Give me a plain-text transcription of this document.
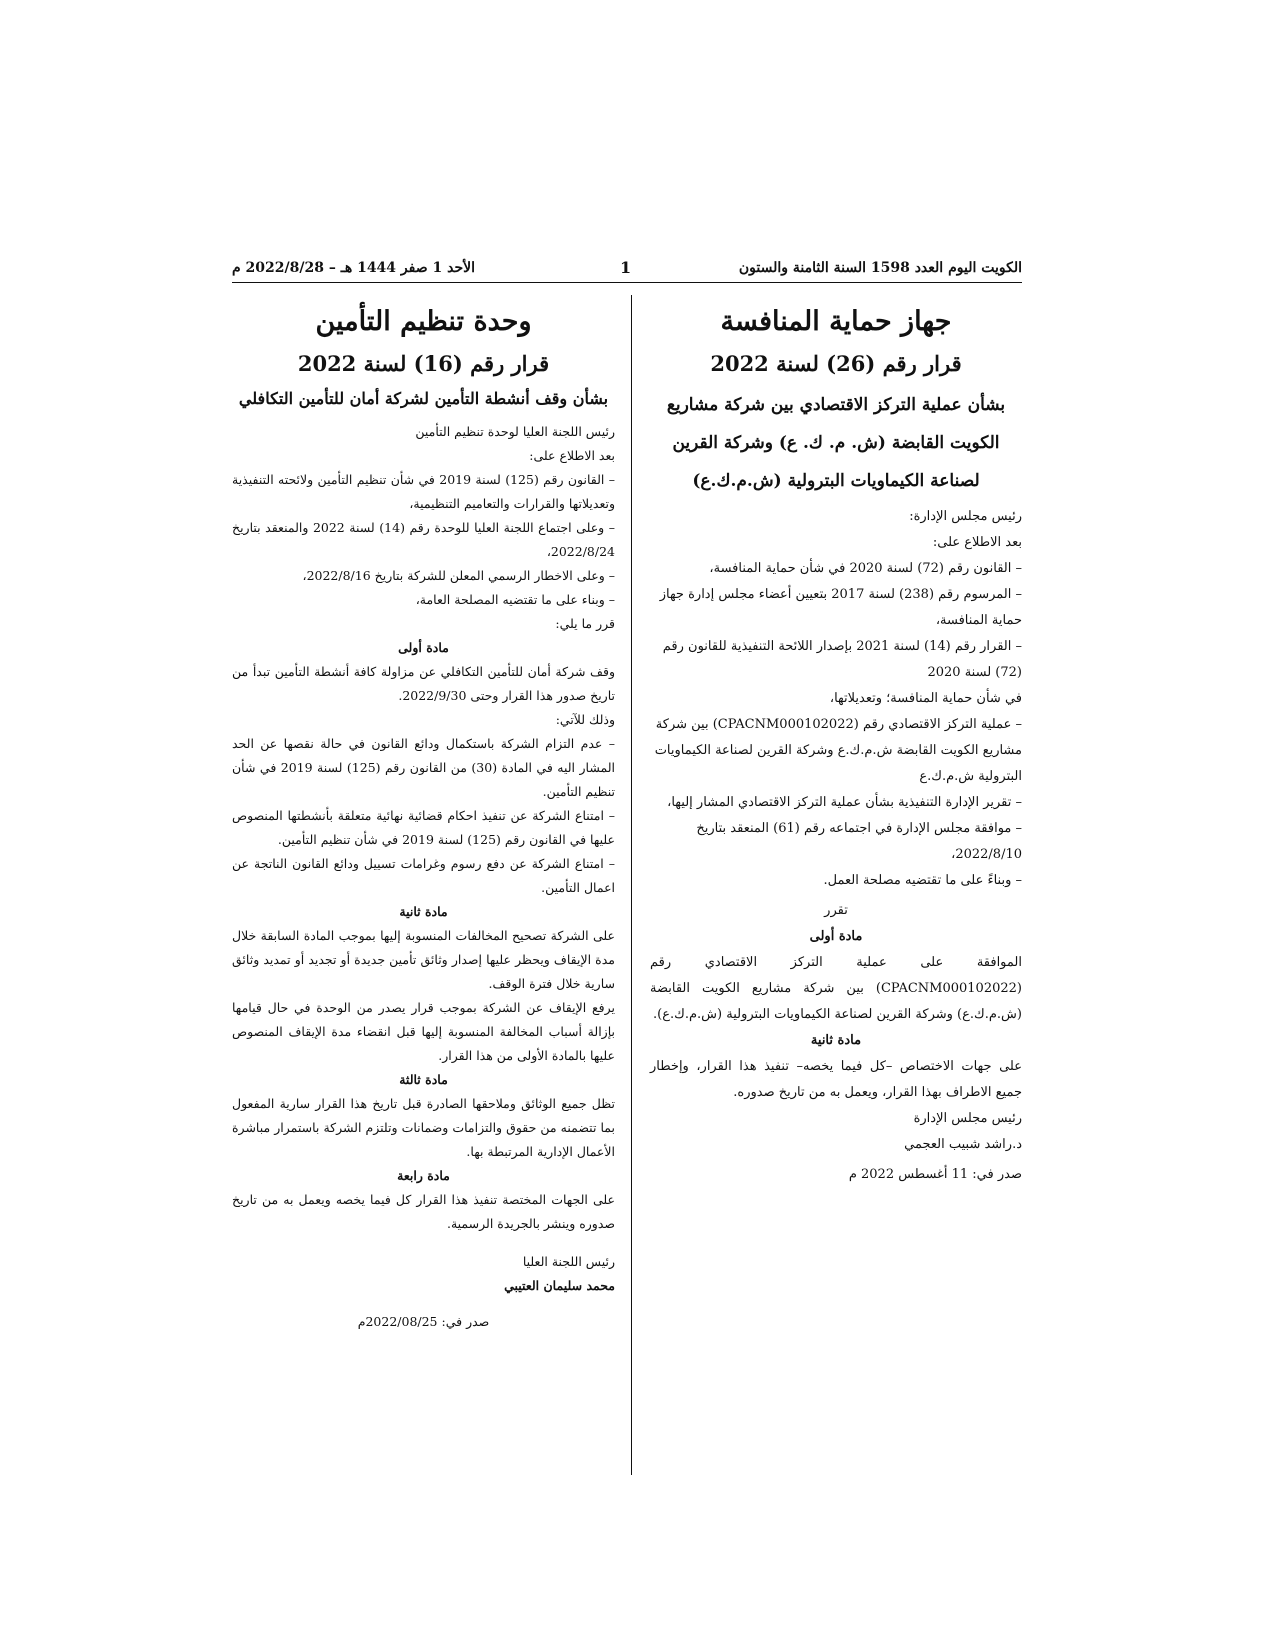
الكويت اليوم العدد 1598 السنة الثامنة والستون
1
الأحد 1 صفر 1444 هـ – 2022/8/28 م
جهاز حماية المنافسة
قرار رقم (26) لسنة 2022
بشأن عملية التركز الاقتصادي بين شركة مشاريع الكويت القابضة (ش. م. ك. ع) وشركة القرين لصناعة الكيماويات البترولية (ش.م.ك.ع)

رئيس مجلس الإدارة:

بعد الاطلاع على:

– القانون رقم (72) لسنة 2020 في شأن حماية المنافسة،

– المرسوم رقم (238) لسنة 2017 بتعيين أعضاء مجلس إدارة جهاز حماية المنافسة،

– القرار رقم (14) لسنة 2021 بإصدار اللائحة التنفيذية للقانون رقم (72) لسنة 2020

في شأن حماية المنافسة؛ وتعديلاتها،

– عملية التركز الاقتصادي رقم (CPACNM000102022) بين شركة مشاريع الكويت القابضة ش.م.ك.ع وشركة القرين لصناعة الكيماويات البترولية ش.م.ك.ع

– تقرير الإدارة التنفيذية بشأن عملية التركز الاقتصادي المشار إليها،

– موافقة مجلس الإدارة في اجتماعه رقم (61) المنعقد بتاريخ 2022/8/10،

– وبناءً على ما تقتضيه مصلحة العمل.

تقرر

مادة أولى

الموافقة على عملية التركز الاقتصادي رقم (CPACNM000102022) بين شركة مشاريع الكويت القابضة (ش.م.ك.ع) وشركة القرين لصناعة الكيماويات البترولية (ش.م.ك.ع).

مادة ثانية

على جهات الاختصاص –كل فيما يخصه– تنفيذ هذا القرار، وإخطار جميع الاطراف بهذا القرار، ويعمل به من تاريخ صدوره.

رئيس مجلس الإدارة

د.راشد شبيب العجمي

صدر في: 11 أغسطس 2022 م

وحدة تنظيم التأمين
قرار رقم (16) لسنة 2022
بشأن وقف أنشطة التأمين لشركة أمان للتأمين التكافلي

رئيس اللجنة العليا لوحدة تنظيم التأمين

بعد الاطلاع على:

– القانون رقم (125) لسنة 2019 في شأن تنظيم التأمين ولائحته التنفيذية وتعديلاتها والقرارات والتعاميم التنظيمية،

– وعلى اجتماع اللجنة العليا للوحدة رقم (14) لسنة 2022 والمنعقد بتاريخ 2022/8/24،

– وعلى الاخطار الرسمي المعلن للشركة بتاريخ 2022/8/16،

– وبناء على ما تقتضيه المصلحة العامة،

قرر ما يلي:

مادة أولى

وقف شركة أمان للتأمين التكافلي عن مزاولة كافة أنشطة التأمين تبدأ من تاريخ صدور هذا القرار وحتى 2022/9/30.

وذلك للآتي:

– عدم التزام الشركة باستكمال ودائع القانون في حالة نقصها عن الحد المشار اليه في المادة (30) من القانون رقم (125) لسنة 2019 في شأن تنظيم التأمين.

– امتناع الشركة عن تنفيذ احكام قضائية نهائية متعلقة بأنشطتها المنصوص عليها في القانون رقم (125) لسنة 2019 في شأن تنظيم التأمين.

– امتناع الشركة عن دفع رسوم وغرامات تسييل ودائع القانون الناتجة عن اعمال التأمين.

مادة ثانية

على الشركة تصحيح المخالفات المنسوبة إليها بموجب المادة السابقة خلال مدة الإيقاف ويحظر عليها إصدار وثائق تأمين جديدة أو تجديد أو تمديد وثائق سارية خلال فترة الوقف.

يرفع الإيقاف عن الشركة بموجب قرار يصدر من الوحدة في حال قيامها بإزالة أسباب المخالفة المنسوبة إليها قبل انقضاء مدة الإيقاف المنصوص عليها بالمادة الأولى من هذا القرار.

مادة ثالثة

تظل جميع الوثائق وملاحقها الصادرة قبل تاريخ هذا القرار سارية المفعول بما تتضمنه من حقوق والتزامات وضمانات وتلتزم الشركة باستمرار مباشرة الأعمال الإدارية المرتبطة بها.

مادة رابعة

على الجهات المختصة تنفيذ هذا القرار كل فيما يخصه ويعمل به من تاريخ صدوره وينشر بالجريدة الرسمية.

رئيس اللجنة العليا

محمد سليمان العتيبي

صدر في: 2022/08/25م
